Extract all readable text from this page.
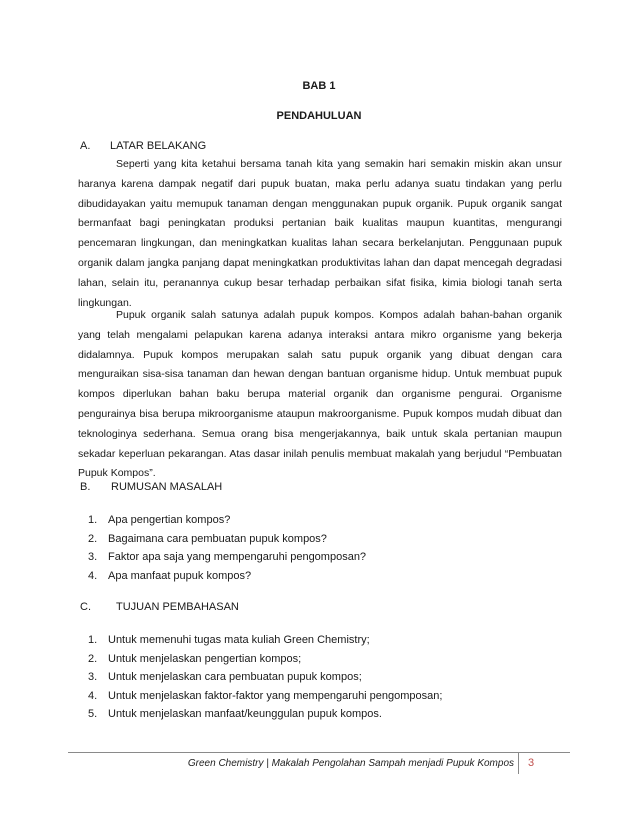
BAB 1
PENDAHULUAN
A. LATAR BELAKANG

Seperti yang kita ketahui bersama tanah kita yang semakin hari semakin miskin akan unsur haranya karena dampak negatif dari pupuk buatan, maka perlu adanya suatu tindakan yang perlu dibudidayakan yaitu memupuk tanaman dengan menggunakan pupuk organik. Pupuk organik sangat bermanfaat bagi peningkatan produksi pertanian baik kualitas maupun kuantitas, mengurangi pencemaran lingkungan, dan meningkatkan kualitas lahan secara berkelanjutan. Penggunaan pupuk organik dalam jangka panjang dapat meningkatkan produktivitas lahan dan dapat mencegah degradasi lahan, selain itu, peranannya cukup besar terhadap perbaikan sifat fisika, kimia biologi tanah serta lingkungan.

Pupuk organik salah satunya adalah pupuk kompos. Kompos adalah bahan-bahan organik yang telah mengalami pelapukan karena adanya interaksi antara mikro organisme yang bekerja didalamnya. Pupuk kompos merupakan salah satu pupuk organik yang dibuat dengan cara menguraikan sisa-sisa tanaman dan hewan dengan bantuan organisme hidup. Untuk membuat pupuk kompos diperlukan bahan baku berupa material organik dan organisme pengurai. Organisme pengurainya bisa berupa mikroorganisme ataupun makroorganisme. Pupuk kompos mudah dibuat dan teknologinya sederhana. Semua orang bisa mengerjakannya, baik untuk skala pertanian maupun sekadar keperluan pekarangan. Atas dasar inilah penulis membuat makalah yang berjudul “Pembuatan Pupuk Kompos”.

B. RUMUSAN MASALAH
1. Apa pengertian kompos?
2. Bagaimana cara pembuatan pupuk kompos?
3. Faktor apa saja yang mempengaruhi pengomposan?
4. Apa manfaat pupuk kompos?
C. TUJUAN PEMBAHASAN
1. Untuk memenuhi tugas mata kuliah Green Chemistry;
2. Untuk menjelaskan pengertian kompos;
3. Untuk menjelaskan cara pembuatan pupuk kompos;
4. Untuk menjelaskan faktor-faktor yang mempengaruhi pengomposan;
5. Untuk menjelaskan manfaat/keunggulan pupuk kompos.
Green Chemistry | Makalah Pengolahan Sampah menjadi Pupuk Kompos 3
